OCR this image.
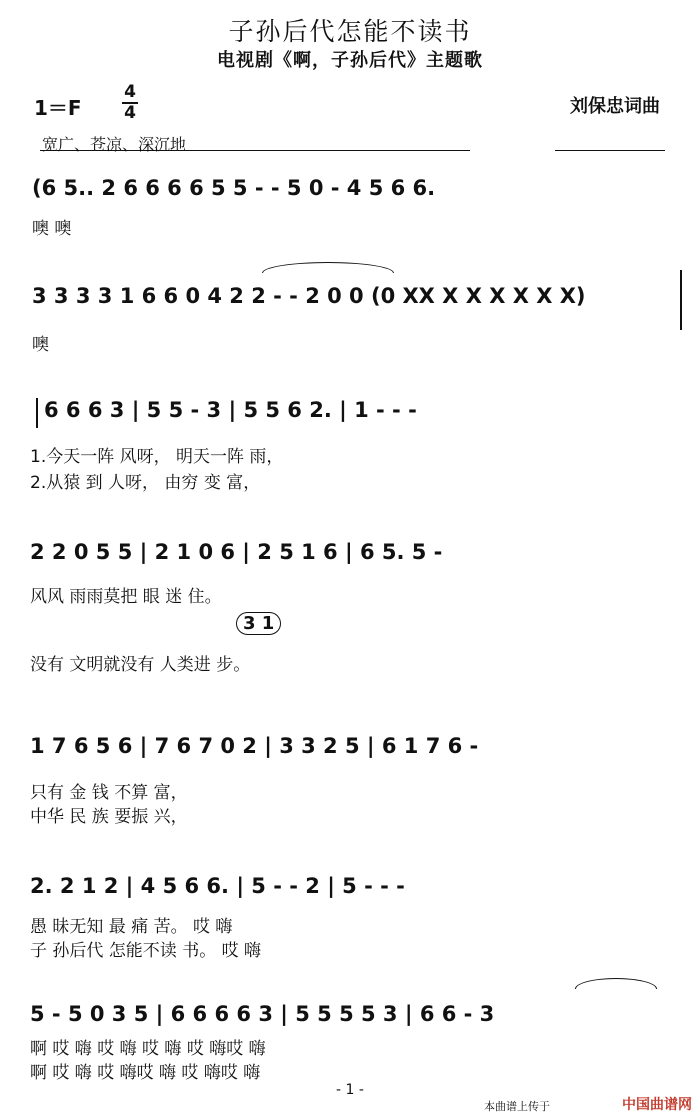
子孙后代怎能不读书
电视剧《啊，子孙后代》主题歌
1＝F
4
4	刘保忠词曲
宽广、苍凉、深沉地
(6 5.. 2 6 6 6 6 5 5 - - 5 0 - 4 5 6 6.
噢 噢
3 3 3 3 1 6 6 0 4 2 2 - - 2 0 0 (0 XX X X X X X X)
噢
6 6 6 3 | 5 5 - 3 | 5 5 6 2. | 1 - - -
1.今天一阵 风呀， 明天一阵 雨，
2.从猿 到 人呀， 由穷 变 富，
2 2 0 5 5 | 2 1 0 6 | 2 5 1 6 | 6 5. 5 -
风风 雨雨莫把 眼 迷 住。
3 1
没有 文明就没有 人类进 步。
1 7 6 5 6 | 7 6 7 0 2 | 3 3 2 5 | 6 1 7 6 -
只有 金 钱 不算 富，
中华 民 族 要振 兴，
2. 2 1 2 | 4 5 6 6. | 5 - - 2 | 5 - - -
愚 昧无知 最 痛 苦。 哎 嗨
子 孙后代 怎能不读 书。 哎 嗨
5 - 5 0 3 5 | 6 6 6 6 3 | 5 5 5 5 3 | 6 6 - 3
啊 哎 嗨 哎 嗨 哎 嗨 哎 嗨哎 嗨
啊 哎 嗨 哎 嗨哎 嗨 哎 嗨哎 嗨
- 1 -
本曲谱上传于	中国曲谱网
